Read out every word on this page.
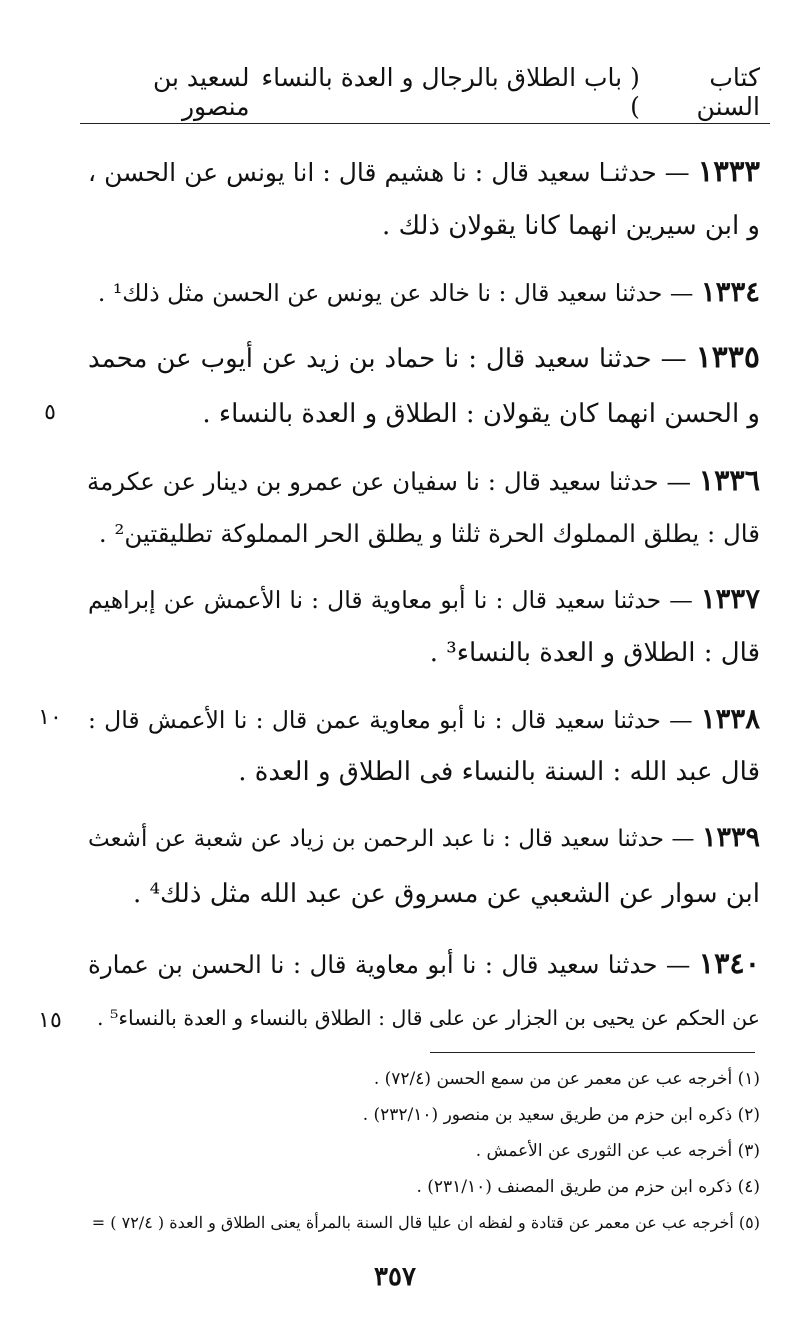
كتاب السنن
( باب الطلاق بالرجال و العدة بالنساء )
لسعيد بن منصور
١٣٣٣ — حدثنـا سعيد قال : نا هشيم قال : انا يونس عن الحسن ،
و ابن سيرين انهما كانا يقولان ذلك .
١٣٣٤ — حدثنا سعيد قال : نا خالد عن يونس عن الحسن مثل ذلك¹ .
١٣٣٥ — حدثنا سعيد قال : نا حماد بن زيد عن أيوب عن محمد
و الحسن انهما كان يقولان : الطلاق و العدة بالنساء .
١٣٣٦ — حدثنا سعيد قال : نا سفيان عن عمرو بن دينار عن عكرمة
قال : يطلق المملوك الحرة ثلثا و يطلق الحر المملوكة تطليقتين² .
١٣٣٧ — حدثنا سعيد قال : نا أبو معاوية قال : نا الأعمش عن إبراهيم
قال : الطلاق و العدة بالنساء³ .
١٣٣٨ — حدثنا سعيد قال : نا أبو معاوية عمن قال : نا الأعمش قال :
قال عبد الله : السنة بالنساء فى الطلاق و العدة .
١٣٣٩ — حدثنا سعيد قال : نا عبد الرحمن بن زياد عن شعبة عن أشعث
ابن سوار عن الشعبي عن مسروق عن عبد الله مثل ذلك⁴ .
١٣٤٠ — حدثنا سعيد قال : نا أبو معاوية قال : نا الحسن بن عمارة
عن الحكم عن يحيى بن الجزار عن على قال : الطلاق بالنساء و العدة بالنساء⁵ .
٥
١٠
١٥
(١) أخرجه عب عن معمر عن من سمع الحسن (٧٢/٤) .
(٢) ذكره ابن حزم من طريق سعيد بن منصور (٢٣٢/١٠) .
(٣) أخرجه عب عن الثورى عن الأعمش .
(٤) ذكره ابن حزم من طريق المصنف (٢٣١/١٠) .
(٥) أخرجه عب عن معمر عن قتادة و لفظه ان عليا قال السنة بالمرأة يعنى الطلاق و العدة ( ٧٢/٤ ) =
٣٥٧
